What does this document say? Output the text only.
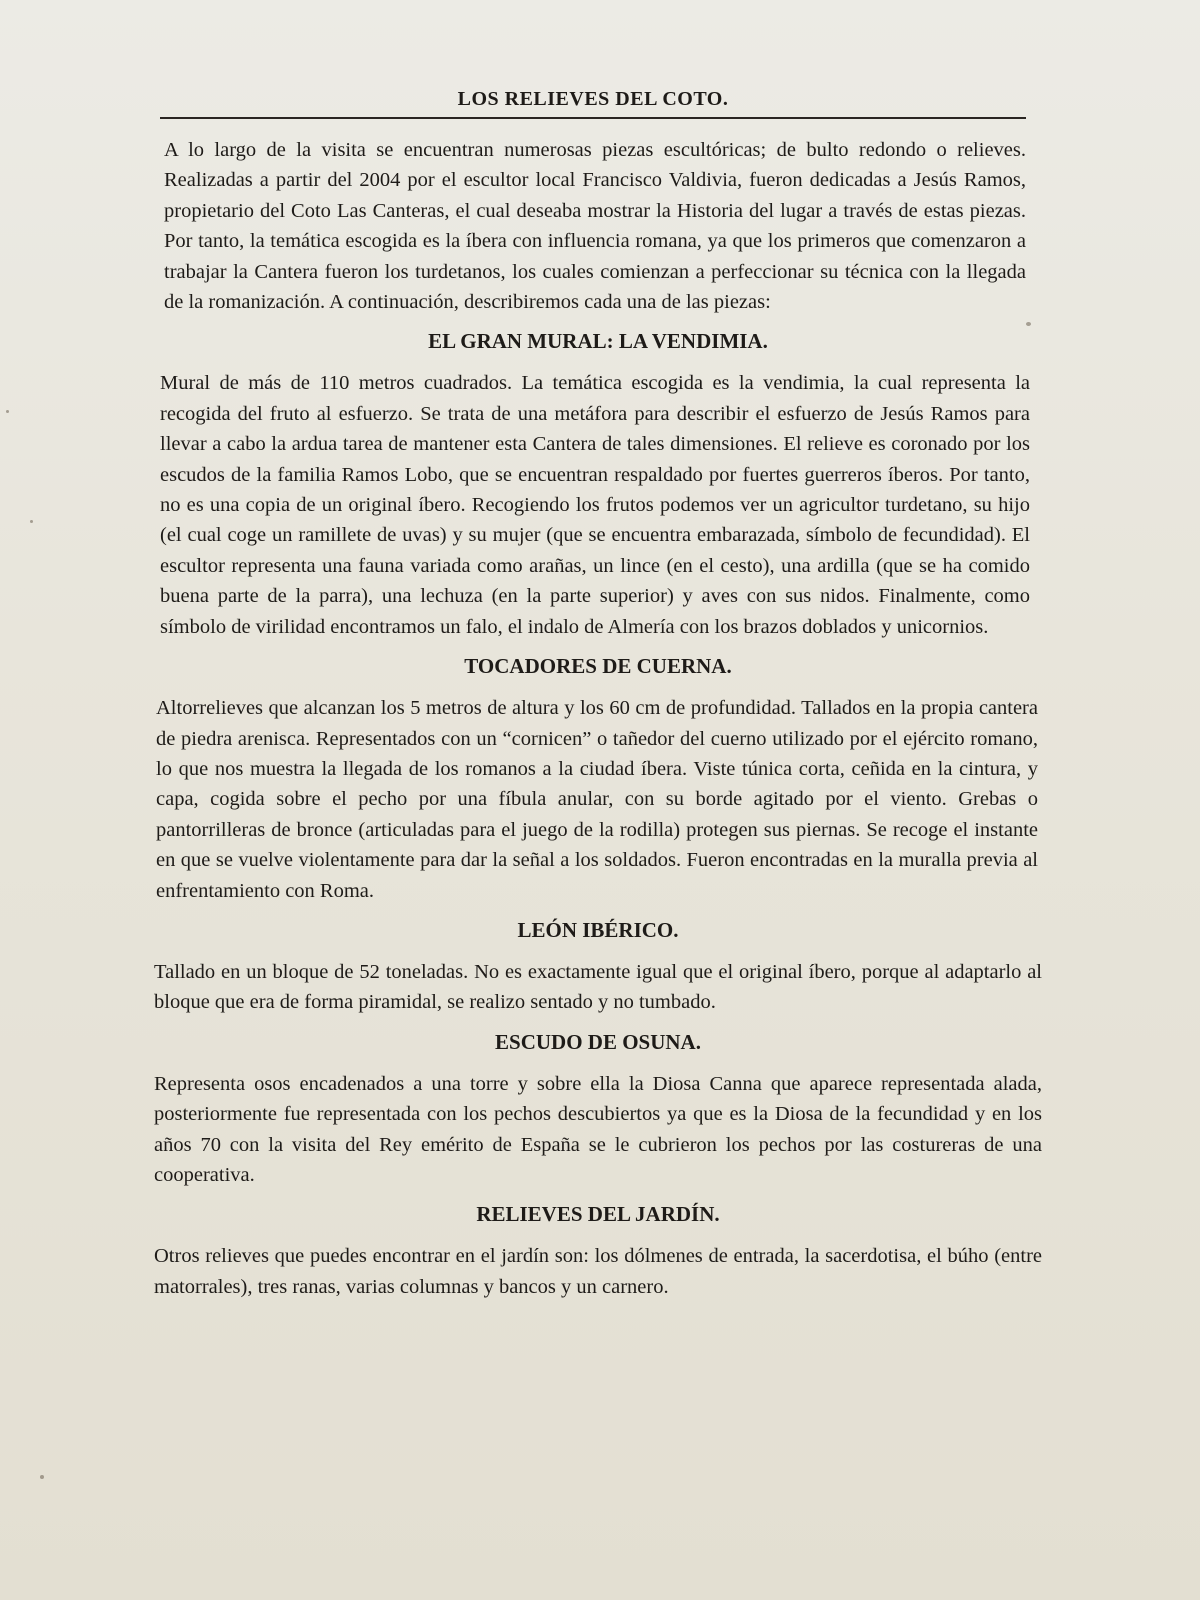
LOS RELIEVES DEL COTO.

A lo largo de la visita se encuentran numerosas piezas escultóricas; de bulto redondo o relieves. Realizadas a partir del 2004 por el escultor local Francisco Valdivia, fueron dedicadas a Jesús Ramos, propietario del Coto Las Canteras, el cual deseaba mostrar la Historia del lugar a través de estas piezas. Por tanto, la temática escogida es la íbera con influencia romana, ya que los primeros que comenzaron a trabajar la Cantera fueron los turdetanos, los cuales comienzan a perfeccionar su técnica con la llegada de la romanización. A continuación, describiremos cada una de las piezas:

EL GRAN MURAL: LA VENDIMIA.

Mural de más de 110 metros cuadrados. La temática escogida es la vendimia, la cual representa la recogida del fruto al esfuerzo. Se trata de una metáfora para describir el esfuerzo de Jesús Ramos para llevar a cabo la ardua tarea de mantener esta Cantera de tales dimensiones. El relieve es coronado por los escudos de la familia Ramos Lobo, que se encuentran respaldado por fuertes guerreros íberos. Por tanto, no es una copia de un original íbero. Recogiendo los frutos podemos ver un agricultor turdetano, su hijo (el cual coge un ramillete de uvas) y su mujer (que se encuentra embarazada, símbolo de fecundidad). El escultor representa una fauna variada como arañas, un lince (en el cesto), una ardilla (que se ha comido buena parte de la parra), una lechuza (en la parte superior) y aves con sus nidos. Finalmente, como símbolo de virilidad encontramos un falo, el indalo de Almería con los brazos doblados y unicornios.

TOCADORES DE CUERNA.

Altorrelieves que alcanzan los 5 metros de altura y los 60 cm de profundidad. Tallados en la propia cantera de piedra arenisca. Representados con un “cornicen” o tañedor del cuerno utilizado por el ejército romano, lo que nos muestra la llegada de los romanos a la ciudad íbera. Viste túnica corta, ceñida en la cintura, y capa, cogida sobre el pecho por una fíbula anular, con su borde agitado por el viento. Grebas o pantorrilleras de bronce (articuladas para el juego de la rodilla) protegen sus piernas. Se recoge el instante en que se vuelve violentamente para dar la señal a los soldados. Fueron encontradas en la muralla previa al enfrentamiento con Roma.

LEÓN IBÉRICO.

Tallado en un bloque de 52 toneladas. No es exactamente igual que el original íbero, porque al adaptarlo al bloque que era de forma piramidal, se realizo sentado y no tumbado.

ESCUDO DE OSUNA.

Representa osos encadenados a una torre y sobre ella la Diosa Canna que aparece representada alada, posteriormente fue representada con los pechos descubiertos ya que es la Diosa de la fecundidad y en los años 70 con la visita del Rey emérito de España se le cubrieron los pechos por las costureras de una cooperativa.

RELIEVES DEL JARDÍN.

Otros relieves que puedes encontrar en el jardín son: los dólmenes de entrada, la sacerdotisa, el búho (entre matorrales), tres ranas, varias columnas y bancos y un carnero.
